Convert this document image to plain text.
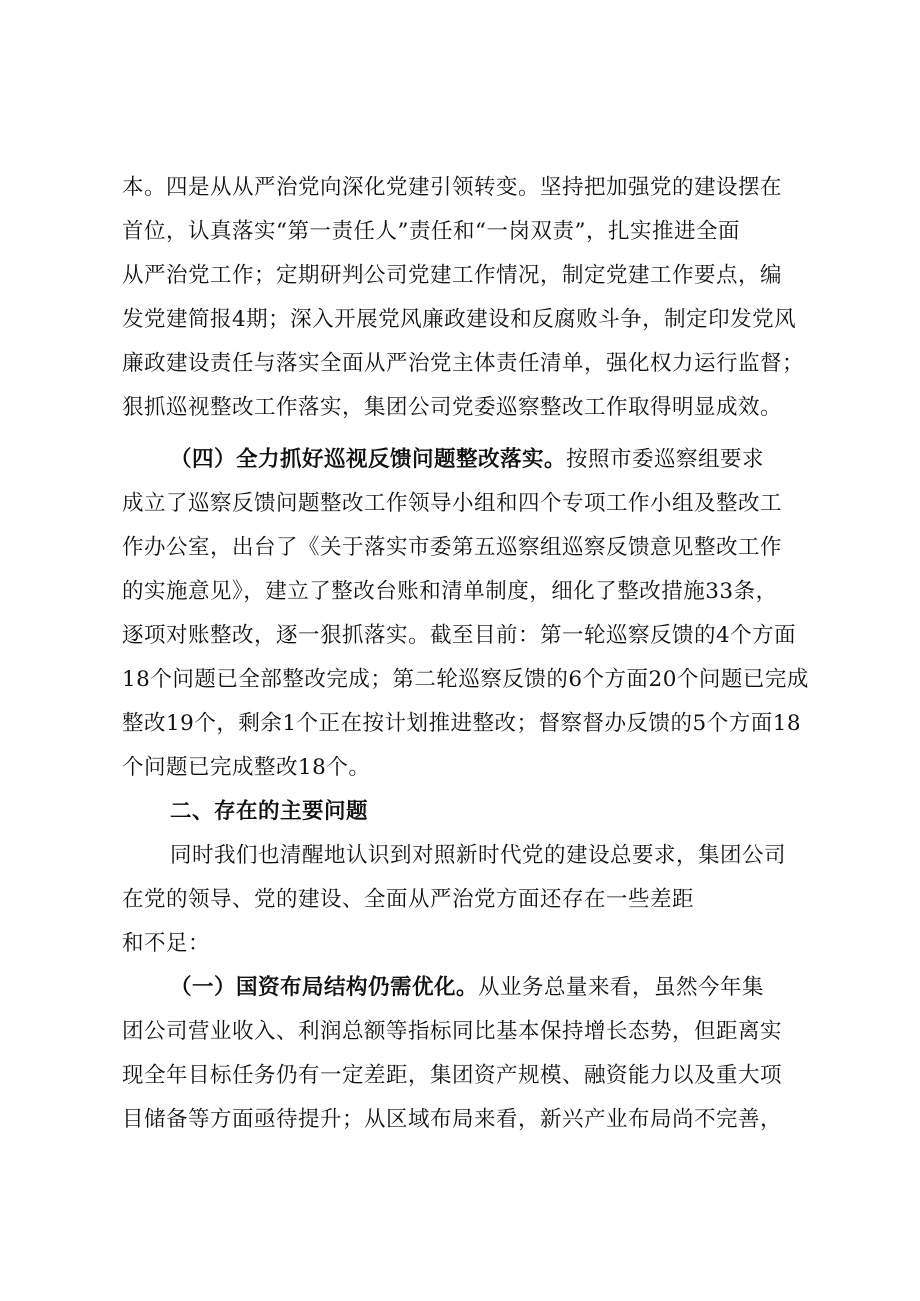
本。四是从从严治党向深化党建引领转变。坚持把加强党的建设摆在
首位，认真落实“第一责任人”责任和“一岗双责”，扎实推进全面
从严治党工作；定期研判公司党建工作情况，制定党建工作要点，编
发党建简报4期；深入开展党风廉政建设和反腐败斗争，制定印发党风
廉政建设责任与落实全面从严治党主体责任清单，强化权力运行监督；
狠抓巡视整改工作落实，集团公司党委巡察整改工作取得明显成效。
（四）全力抓好巡视反馈问题整改落实。按照市委巡察组要求
成立了巡察反馈问题整改工作领导小组和四个专项工作小组及整改工
作办公室，出台了《关于落实市委第五巡察组巡察反馈意见整改工作
的实施意见》，建立了整改台账和清单制度，细化了整改措施33条，
逐项对账整改，逐一狠抓落实。截至目前：第一轮巡察反馈的4个方面
18个问题已全部整改完成；第二轮巡察反馈的6个方面20个问题已完成
整改19个，剩余1个正在按计划推进整改；督察督办反馈的5个方面18
个问题已完成整改18个。
二、存在的主要问题
同时我们也清醒地认识到对照新时代党的建设总要求，集团公司
在党的领导、党的建设、全面从严治党方面还存在一些差距
和不足：
（一）国资布局结构仍需优化。从业务总量来看，虽然今年集
团公司营业收入、利润总额等指标同比基本保持增长态势，但距离实
现全年目标任务仍有一定差距，集团资产规模、融资能力以及重大项
目储备等方面亟待提升；从区域布局来看，新兴产业布局尚不完善，
